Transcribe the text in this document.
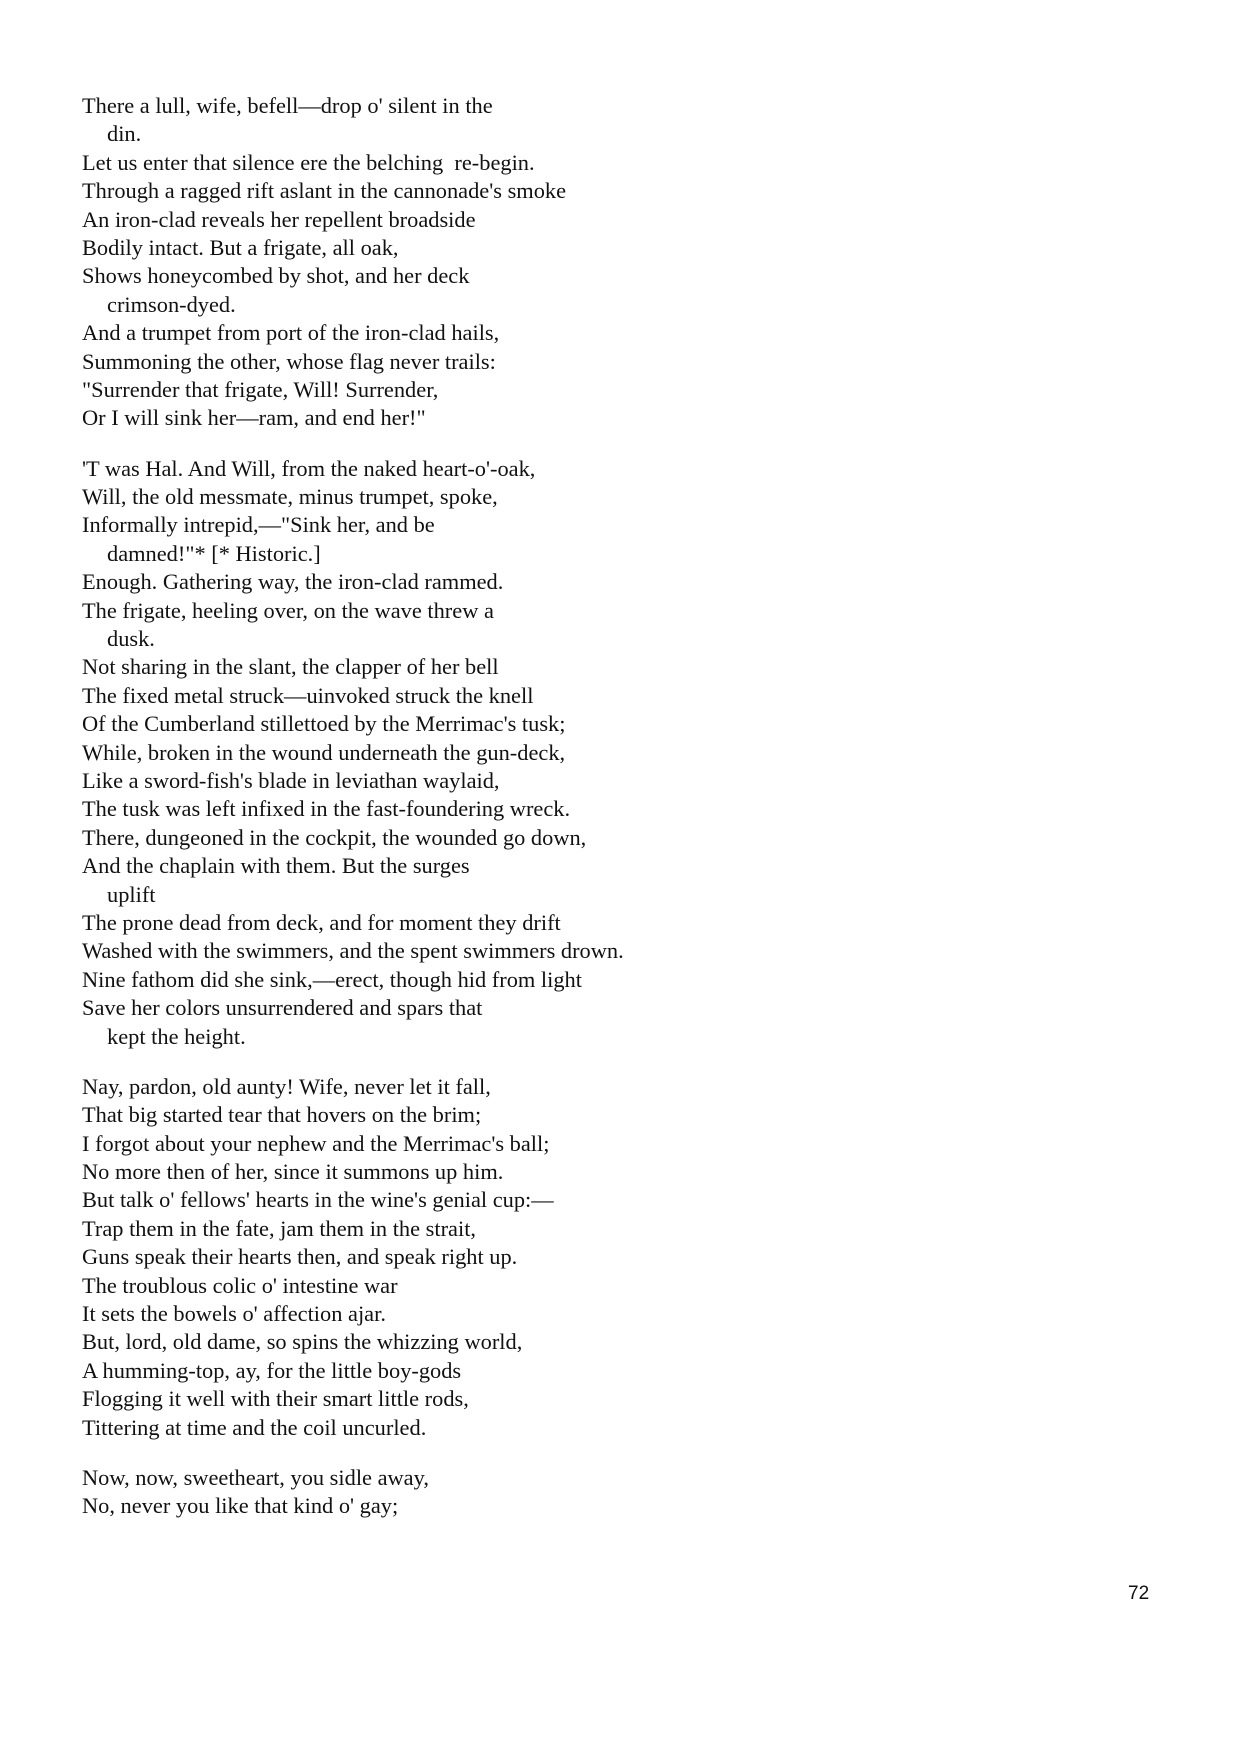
There a lull, wife, befell—drop o' silent in the
din.
Let us enter that silence ere the belching  re-begin.
Through a ragged rift aslant in the cannonade's smoke
An iron-clad reveals her repellent broadside
Bodily intact. But a frigate, all oak,
Shows honeycombed by shot, and her deck
crimson-dyed.
And a trumpet from port of the iron-clad hails,
Summoning the other, whose flag never trails:
"Surrender that frigate, Will! Surrender,
Or I will sink her—ram, and end her!"
'T was Hal. And Will, from the naked heart-o'-oak,
Will, the old messmate, minus trumpet, spoke,
Informally intrepid,—"Sink her, and be
damned!"* [* Historic.]
Enough. Gathering way, the iron-clad rammed.
The frigate, heeling over, on the wave threw a
dusk.
Not sharing in the slant, the clapper of her bell
The fixed metal struck—uinvoked struck the knell
Of the Cumberland stillettoed by the Merrimac's tusk;
While, broken in the wound underneath the gun-deck,
Like a sword-fish's blade in leviathan waylaid,
The tusk was left infixed in the fast-foundering wreck.
There, dungeoned in the cockpit, the wounded go down,
And the chaplain with them. But the surges
uplift
The prone dead from deck, and for moment they drift
Washed with the swimmers, and the spent swimmers drown.
Nine fathom did she sink,—erect, though hid from light
Save her colors unsurrendered and spars that
kept the height.
Nay, pardon, old aunty! Wife, never let it fall,
That big started tear that hovers on the brim;
I forgot about your nephew and the Merrimac's ball;
No more then of her, since it summons up him.
But talk o' fellows' hearts in the wine's genial cup:—
Trap them in the fate, jam them in the strait,
Guns speak their hearts then, and speak right up.
The troublous colic o' intestine war
It sets the bowels o' affection ajar.
But, lord, old dame, so spins the whizzing world,
A humming-top, ay, for the little boy-gods
Flogging it well with their smart little rods,
Tittering at time and the coil uncurled.
Now, now, sweetheart, you sidle away,
No, never you like that kind o' gay;
72
